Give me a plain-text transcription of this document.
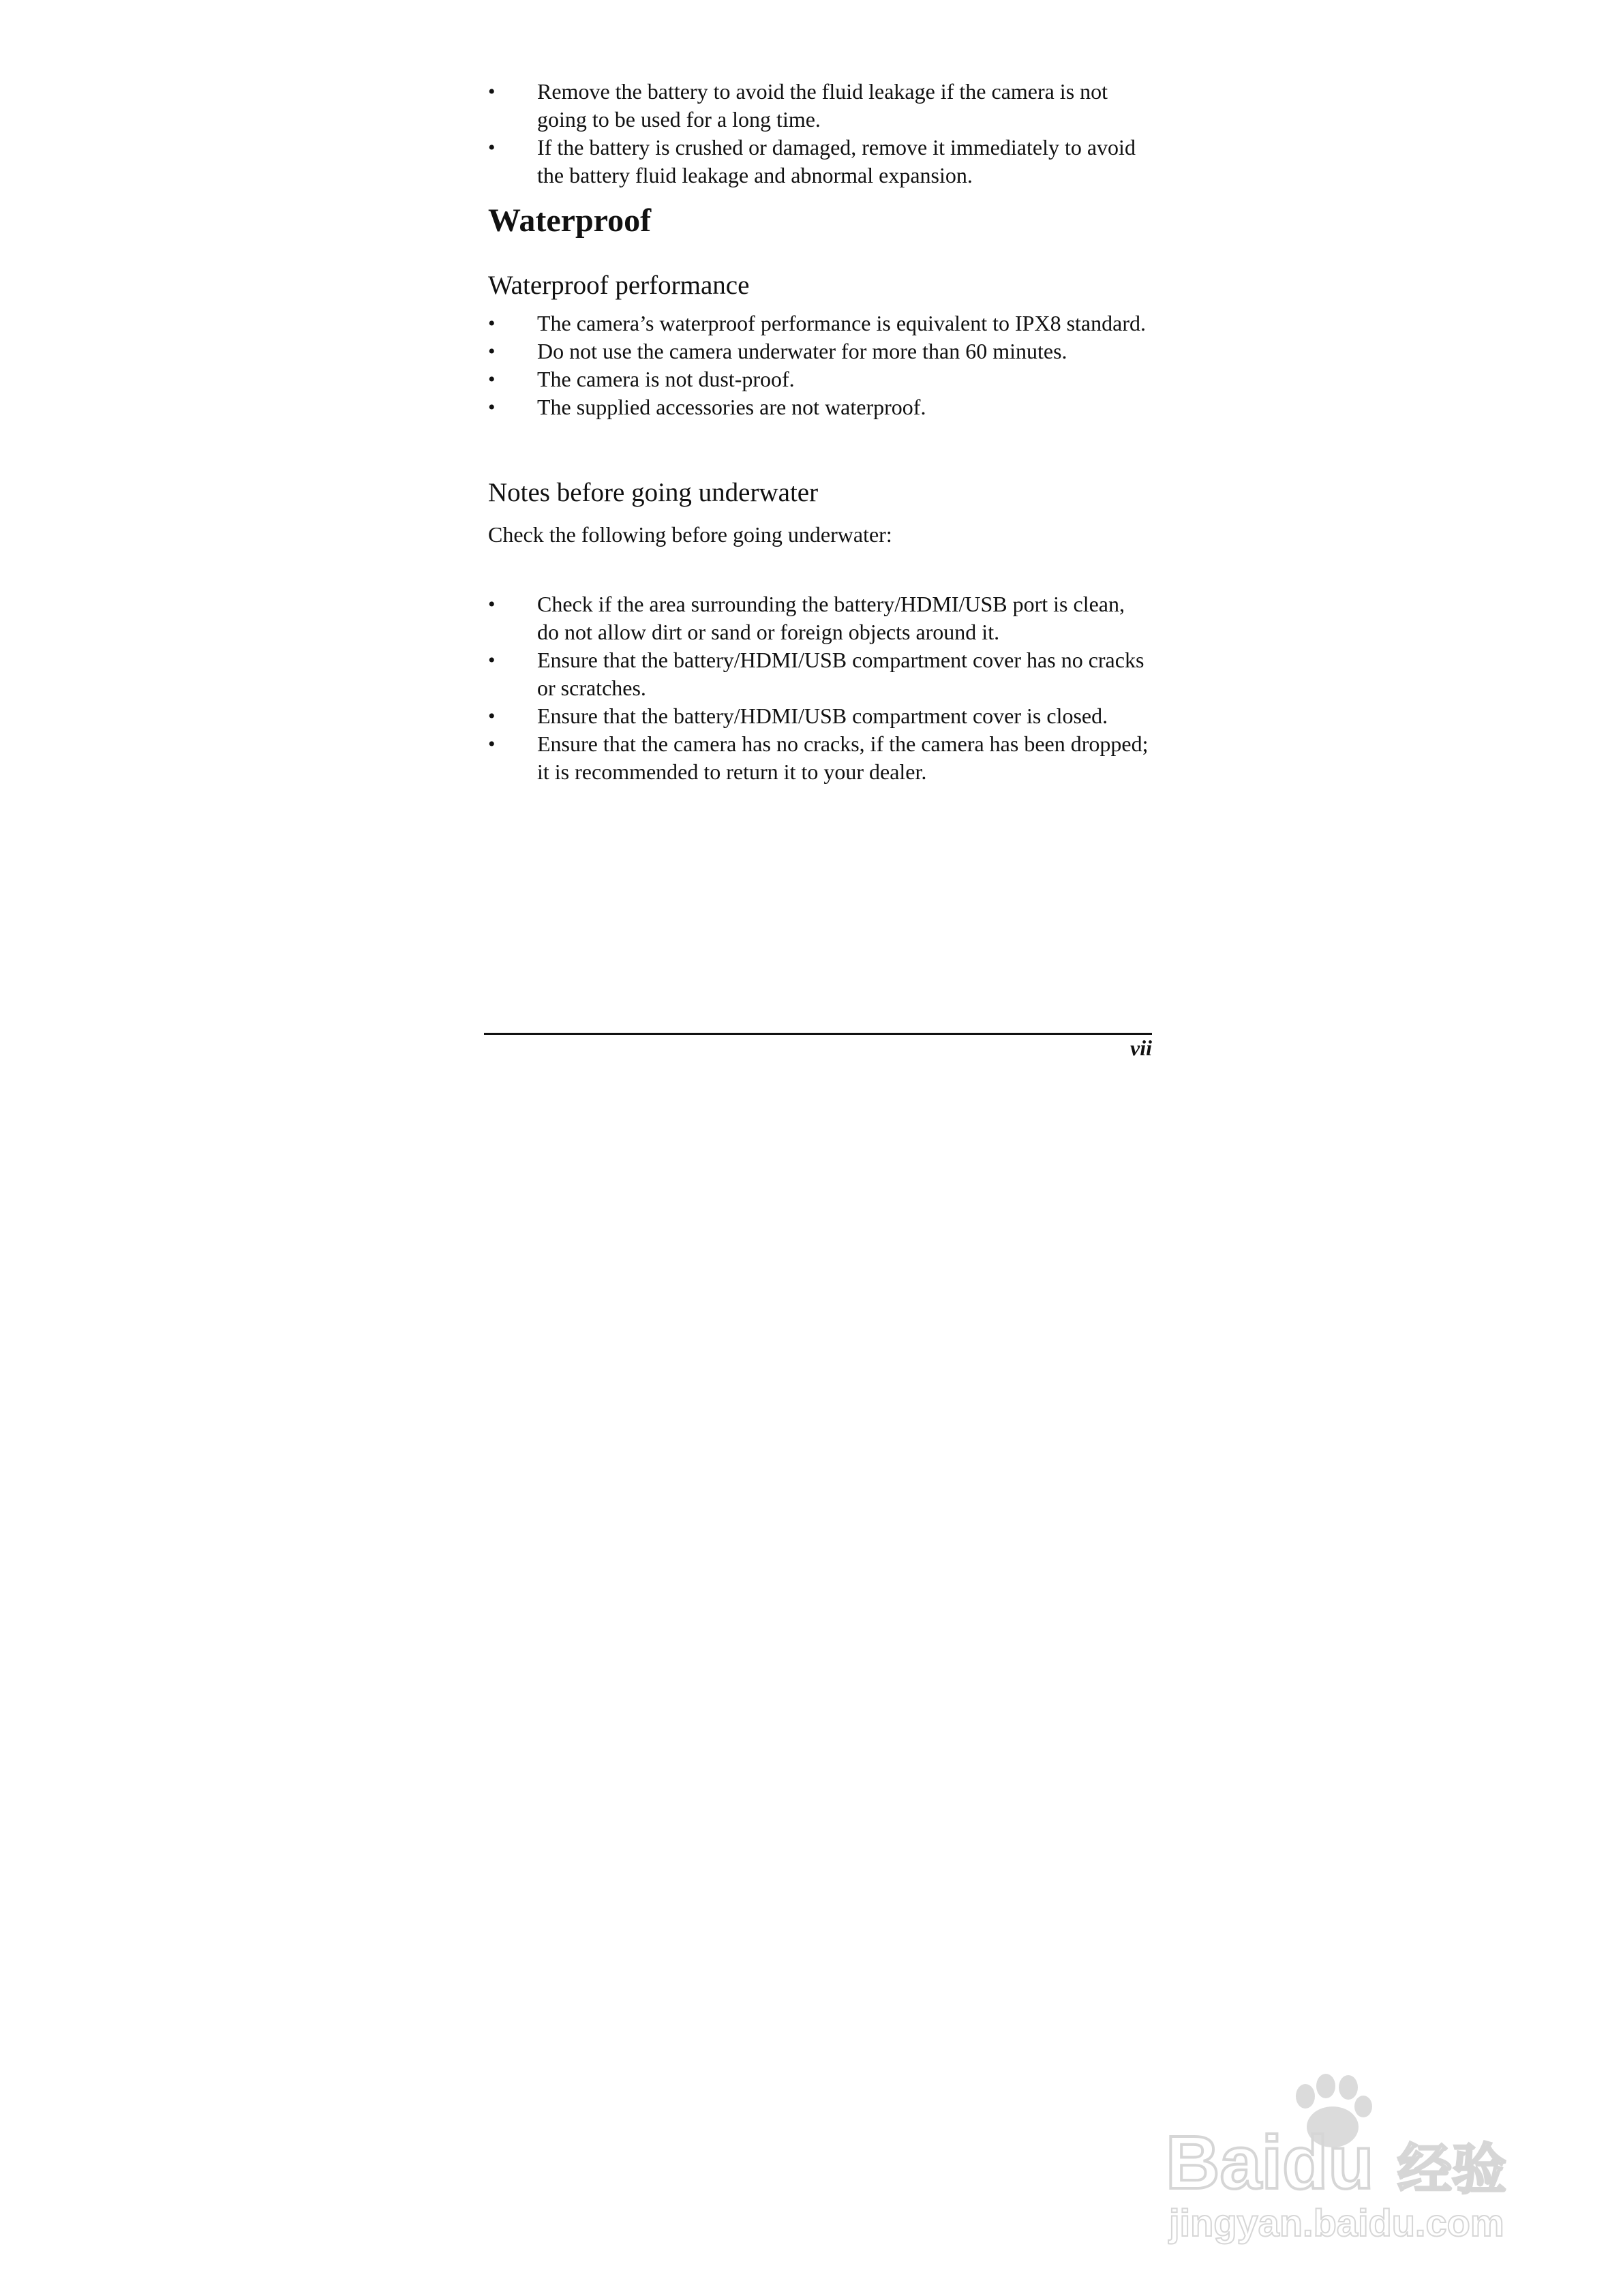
•	Remove the battery to avoid the fluid leakage if the camera is not going to be used for a long time.
•	If the battery is crushed or damaged, remove it immediately to avoid the battery fluid leakage and abnormal expansion.
Waterproof
Waterproof performance
•	The camera’s waterproof performance is equivalent to IPX8 standard.
•	Do not use the camera underwater for more than 60 minutes.
•	The camera is not dust-proof.
•	The supplied accessories are not waterproof.
Notes before going underwater

Check the following before going underwater:

•	Check if the area surrounding the battery/HDMI/USB port is clean, do not allow dirt or sand or foreign objects around it.
•	Ensure that the battery/HDMI/USB compartment cover has no cracks or scratches.
•	Ensure that the battery/HDMI/USB compartment cover is closed.
•	Ensure that the camera has no cracks, if the camera has been dropped; it is recommended to return it to your dealer.
vii
Baidu 经验
jingyan.baidu.com
